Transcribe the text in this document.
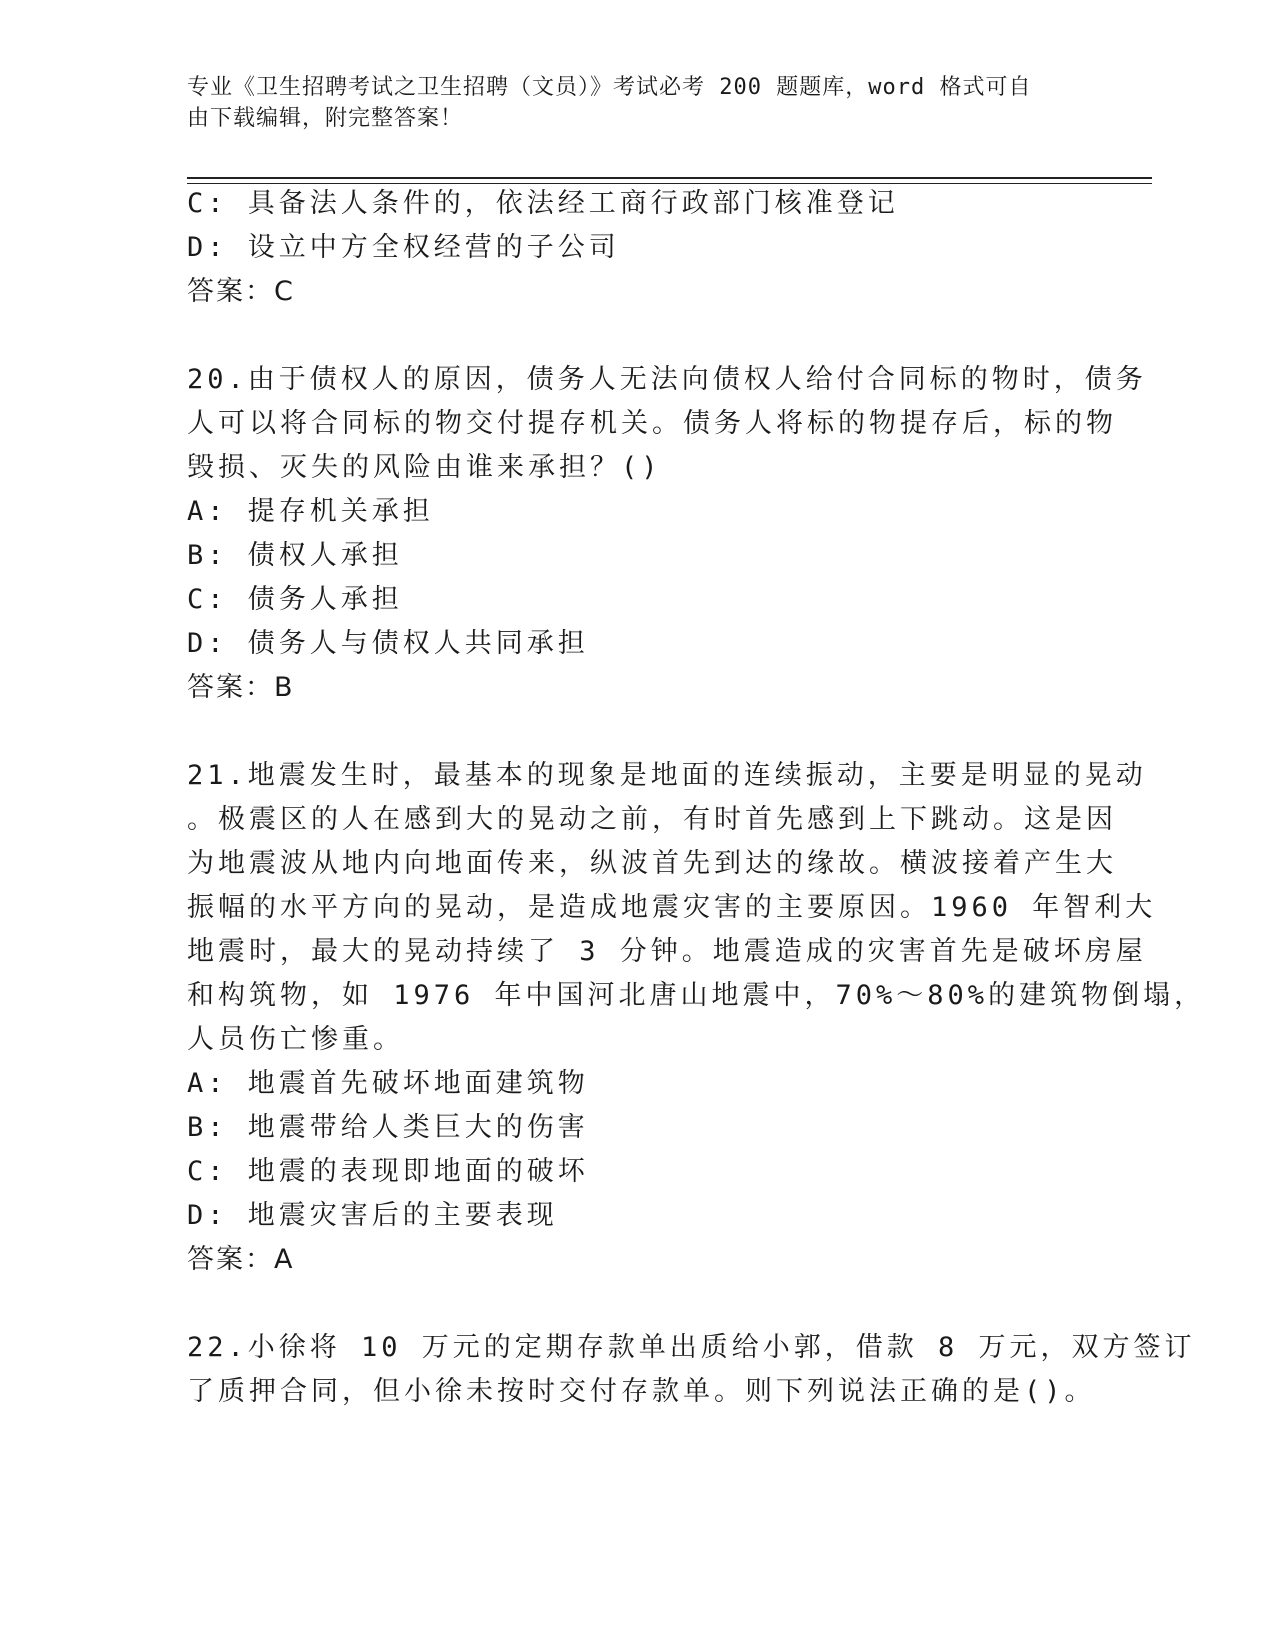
专业《卫生招聘考试之卫生招聘（文员）》考试必考 200 题题库，word 格式可自
由下载编辑，附完整答案！
C: 具备法人条件的，依法经工商行政部门核准登记
D: 设立中方全权经营的子公司
答案：C
20.由于债权人的原因，债务人无法向债权人给付合同标的物时，债务
人可以将合同标的物交付提存机关。债务人将标的物提存后，标的物
毁损、灭失的风险由谁来承担？()
A: 提存机关承担
B: 债权人承担
C: 债务人承担
D: 债务人与债权人共同承担
答案：B
21.地震发生时，最基本的现象是地面的连续振动，主要是明显的晃动
。极震区的人在感到大的晃动之前，有时首先感到上下跳动。这是因
为地震波从地内向地面传来，纵波首先到达的缘故。横波接着产生大
振幅的水平方向的晃动，是造成地震灾害的主要原因。1960 年智利大
地震时，最大的晃动持续了 3 分钟。地震造成的灾害首先是破坏房屋
和构筑物，如 1976 年中国河北唐山地震中，70%～80%的建筑物倒塌，
人员伤亡惨重。
A: 地震首先破坏地面建筑物
B: 地震带给人类巨大的伤害
C: 地震的表现即地面的破坏
D: 地震灾害后的主要表现
答案：A
22.小徐将 10 万元的定期存款单出质给小郭，借款 8 万元，双方签订
了质押合同，但小徐未按时交付存款单。则下列说法正确的是()。
